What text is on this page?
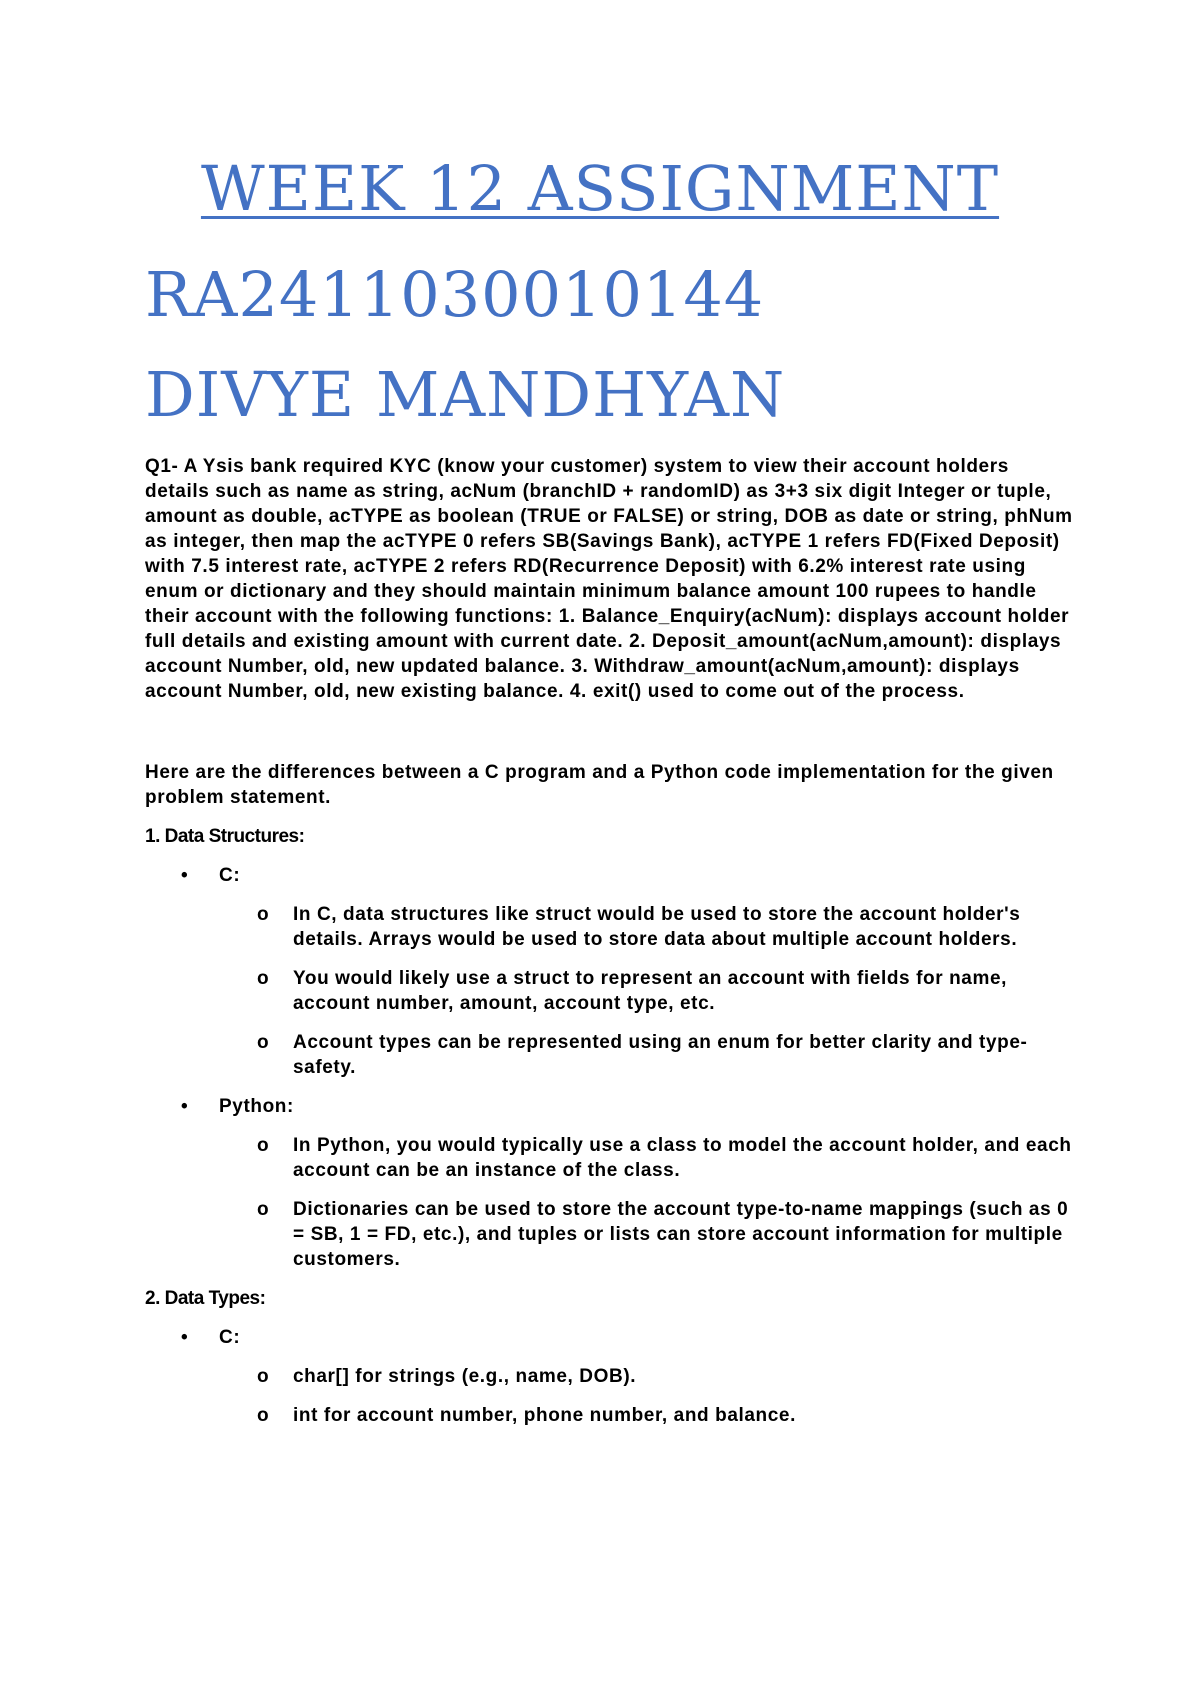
WEEK 12 ASSIGNMENT
RA2411030010144
DIVYE MANDHYAN

Q1- A Ysis bank required KYC (know your customer) system to view their account holders details such as name as string, acNum (branchID + randomID) as 3+3 six digit Integer or tuple, amount as double, acTYPE as boolean (TRUE or FALSE) or string, DOB as date or string, phNum as integer, then map the acTYPE 0 refers SB(Savings Bank), acTYPE 1 refers FD(Fixed Deposit) with 7.5 interest rate, acTYPE 2 refers RD(Recurrence Deposit) with 6.2% interest rate using enum or dictionary and they should maintain minimum balance amount 100 rupees to handle their account with the following functions: 1. Balance_Enquiry(acNum): displays account holder full details and existing amount with current date. 2. Deposit_amount(acNum,amount): displays account Number, old, new updated balance. 3. Withdraw_amount(acNum,amount): displays account Number, old, new existing balance. 4. exit() used to come out of the process.

Here are the differences between a C program and a Python code implementation for the given problem statement.

1. Data Structures:

• C:
o In C, data structures like struct would be used to store the account holder's details. Arrays would be used to store data about multiple account holders.
o You would likely use a struct to represent an account with fields for name, account number, amount, account type, etc.
o Account types can be represented using an enum for better clarity and type-safety.
• Python:
o In Python, you would typically use a class to model the account holder, and each account can be an instance of the class.
o Dictionaries can be used to store the account type-to-name mappings (such as 0 = SB, 1 = FD, etc.), and tuples or lists can store account information for multiple customers.

2. Data Types:

• C:
o char[] for strings (e.g., name, DOB).
o int for account number, phone number, and balance.
